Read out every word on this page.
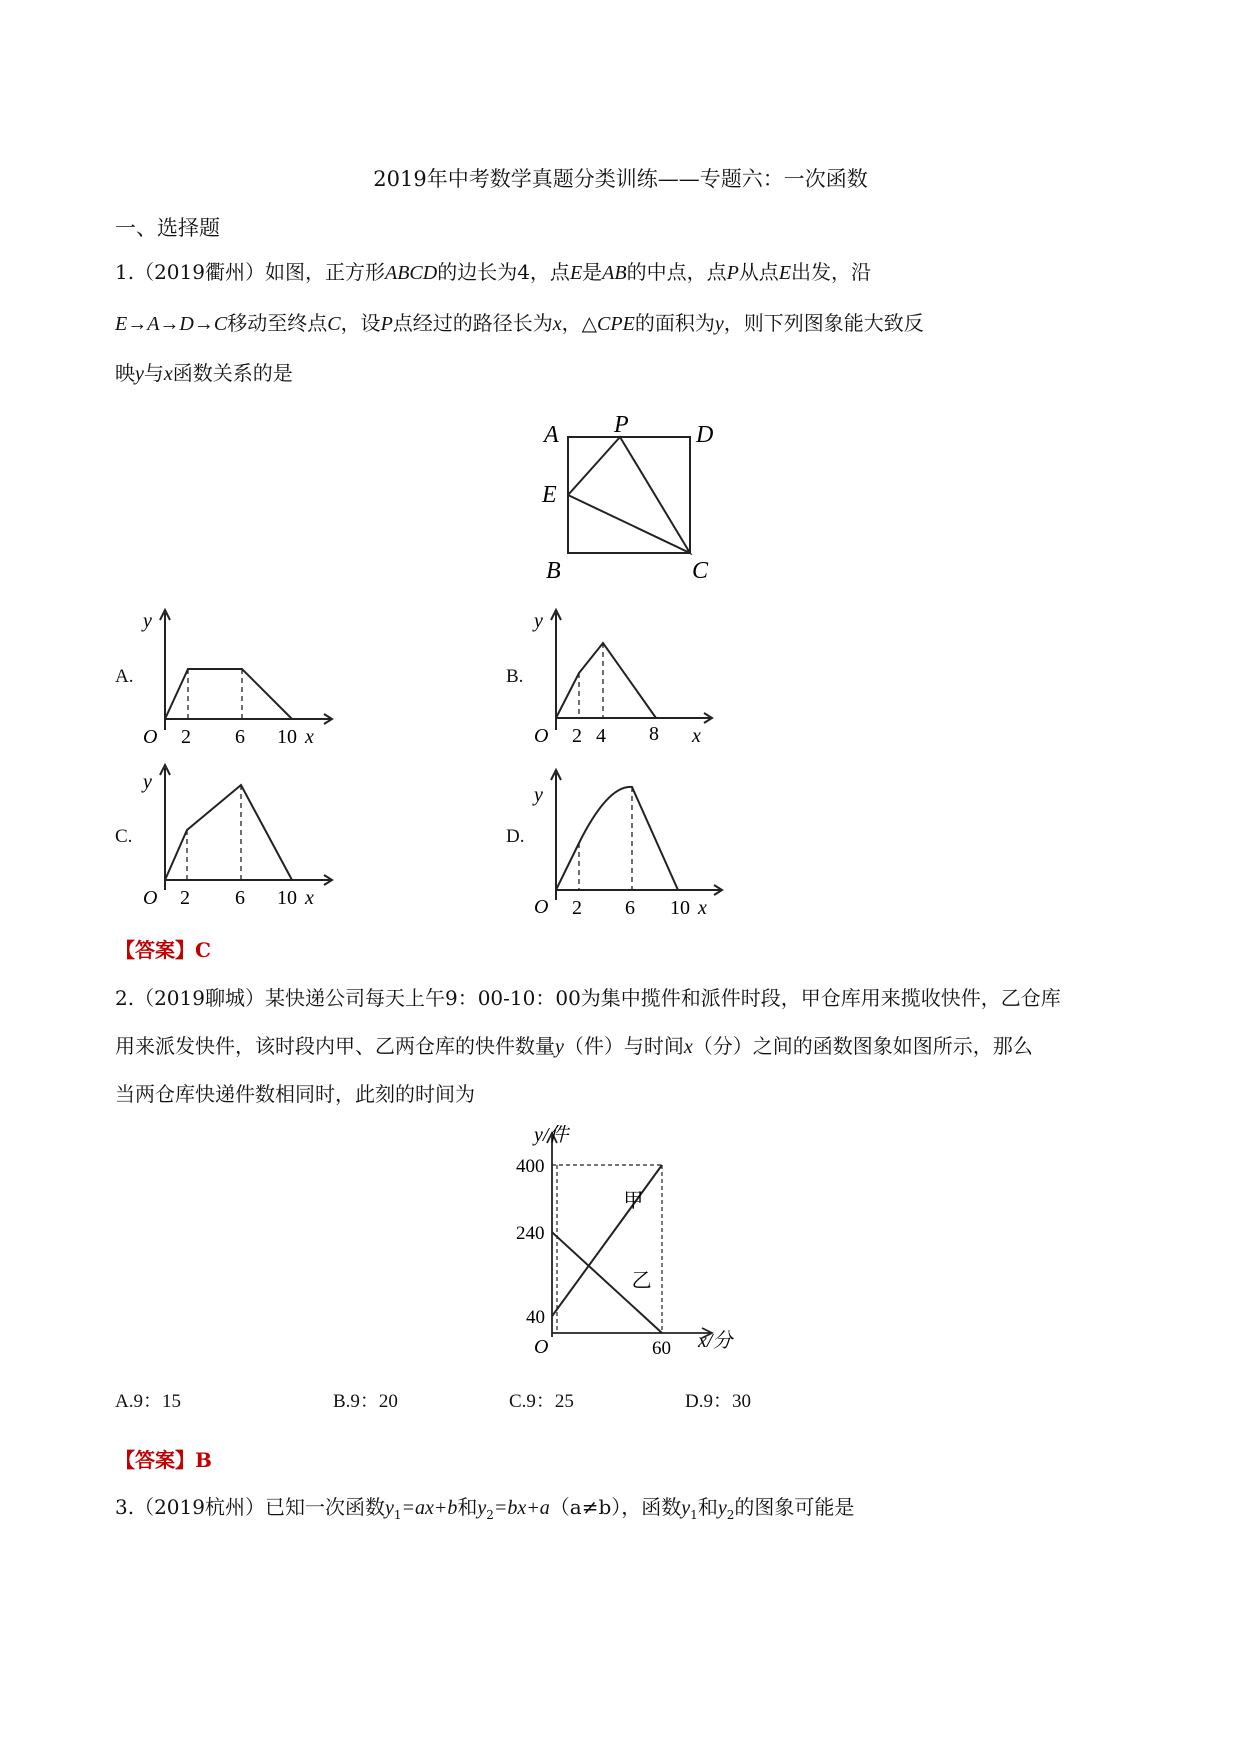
2019年中考数学真题分类训练——专题六：一次函数
一、选择题
1.（2019衢州）如图，正方形ABCD的边长为4，点E是AB的中点，点P从点E出发，沿
E→A→D→C移动至终点C，设P点经过的路径长为x，△CPE的面积为y，则下列图象能大致反
映y与x函数关系的是
A P	D
E
B	C
A.
y
O 2 6 10 x
B.
y
O 2 4 8 x
C.
y
O 2 6 10 x
D.
y
O 2 6 10 x
【答案】C
2.（2019聊城）某快递公司每天上午9：00-10：00为集中揽件和派件时段，甲仓库用来揽收快件，乙仓库
用来派发快件，该时段内甲、乙两仓库的快件数量y（件）与时间x（分）之间的函数图象如图所示，那么
当两仓库快递件数相同时，此刻的时间为
y/件
x/分
O
400
240
40
60
甲
乙
A.9：15	B.9：20	C.9：25	D.9：30
【答案】B
3.（2019杭州）已知一次函数$y_1=ax+b$和$y_2=bx+a(a\ne b)$，函数$y_1$和$y_2$的图象可能是
